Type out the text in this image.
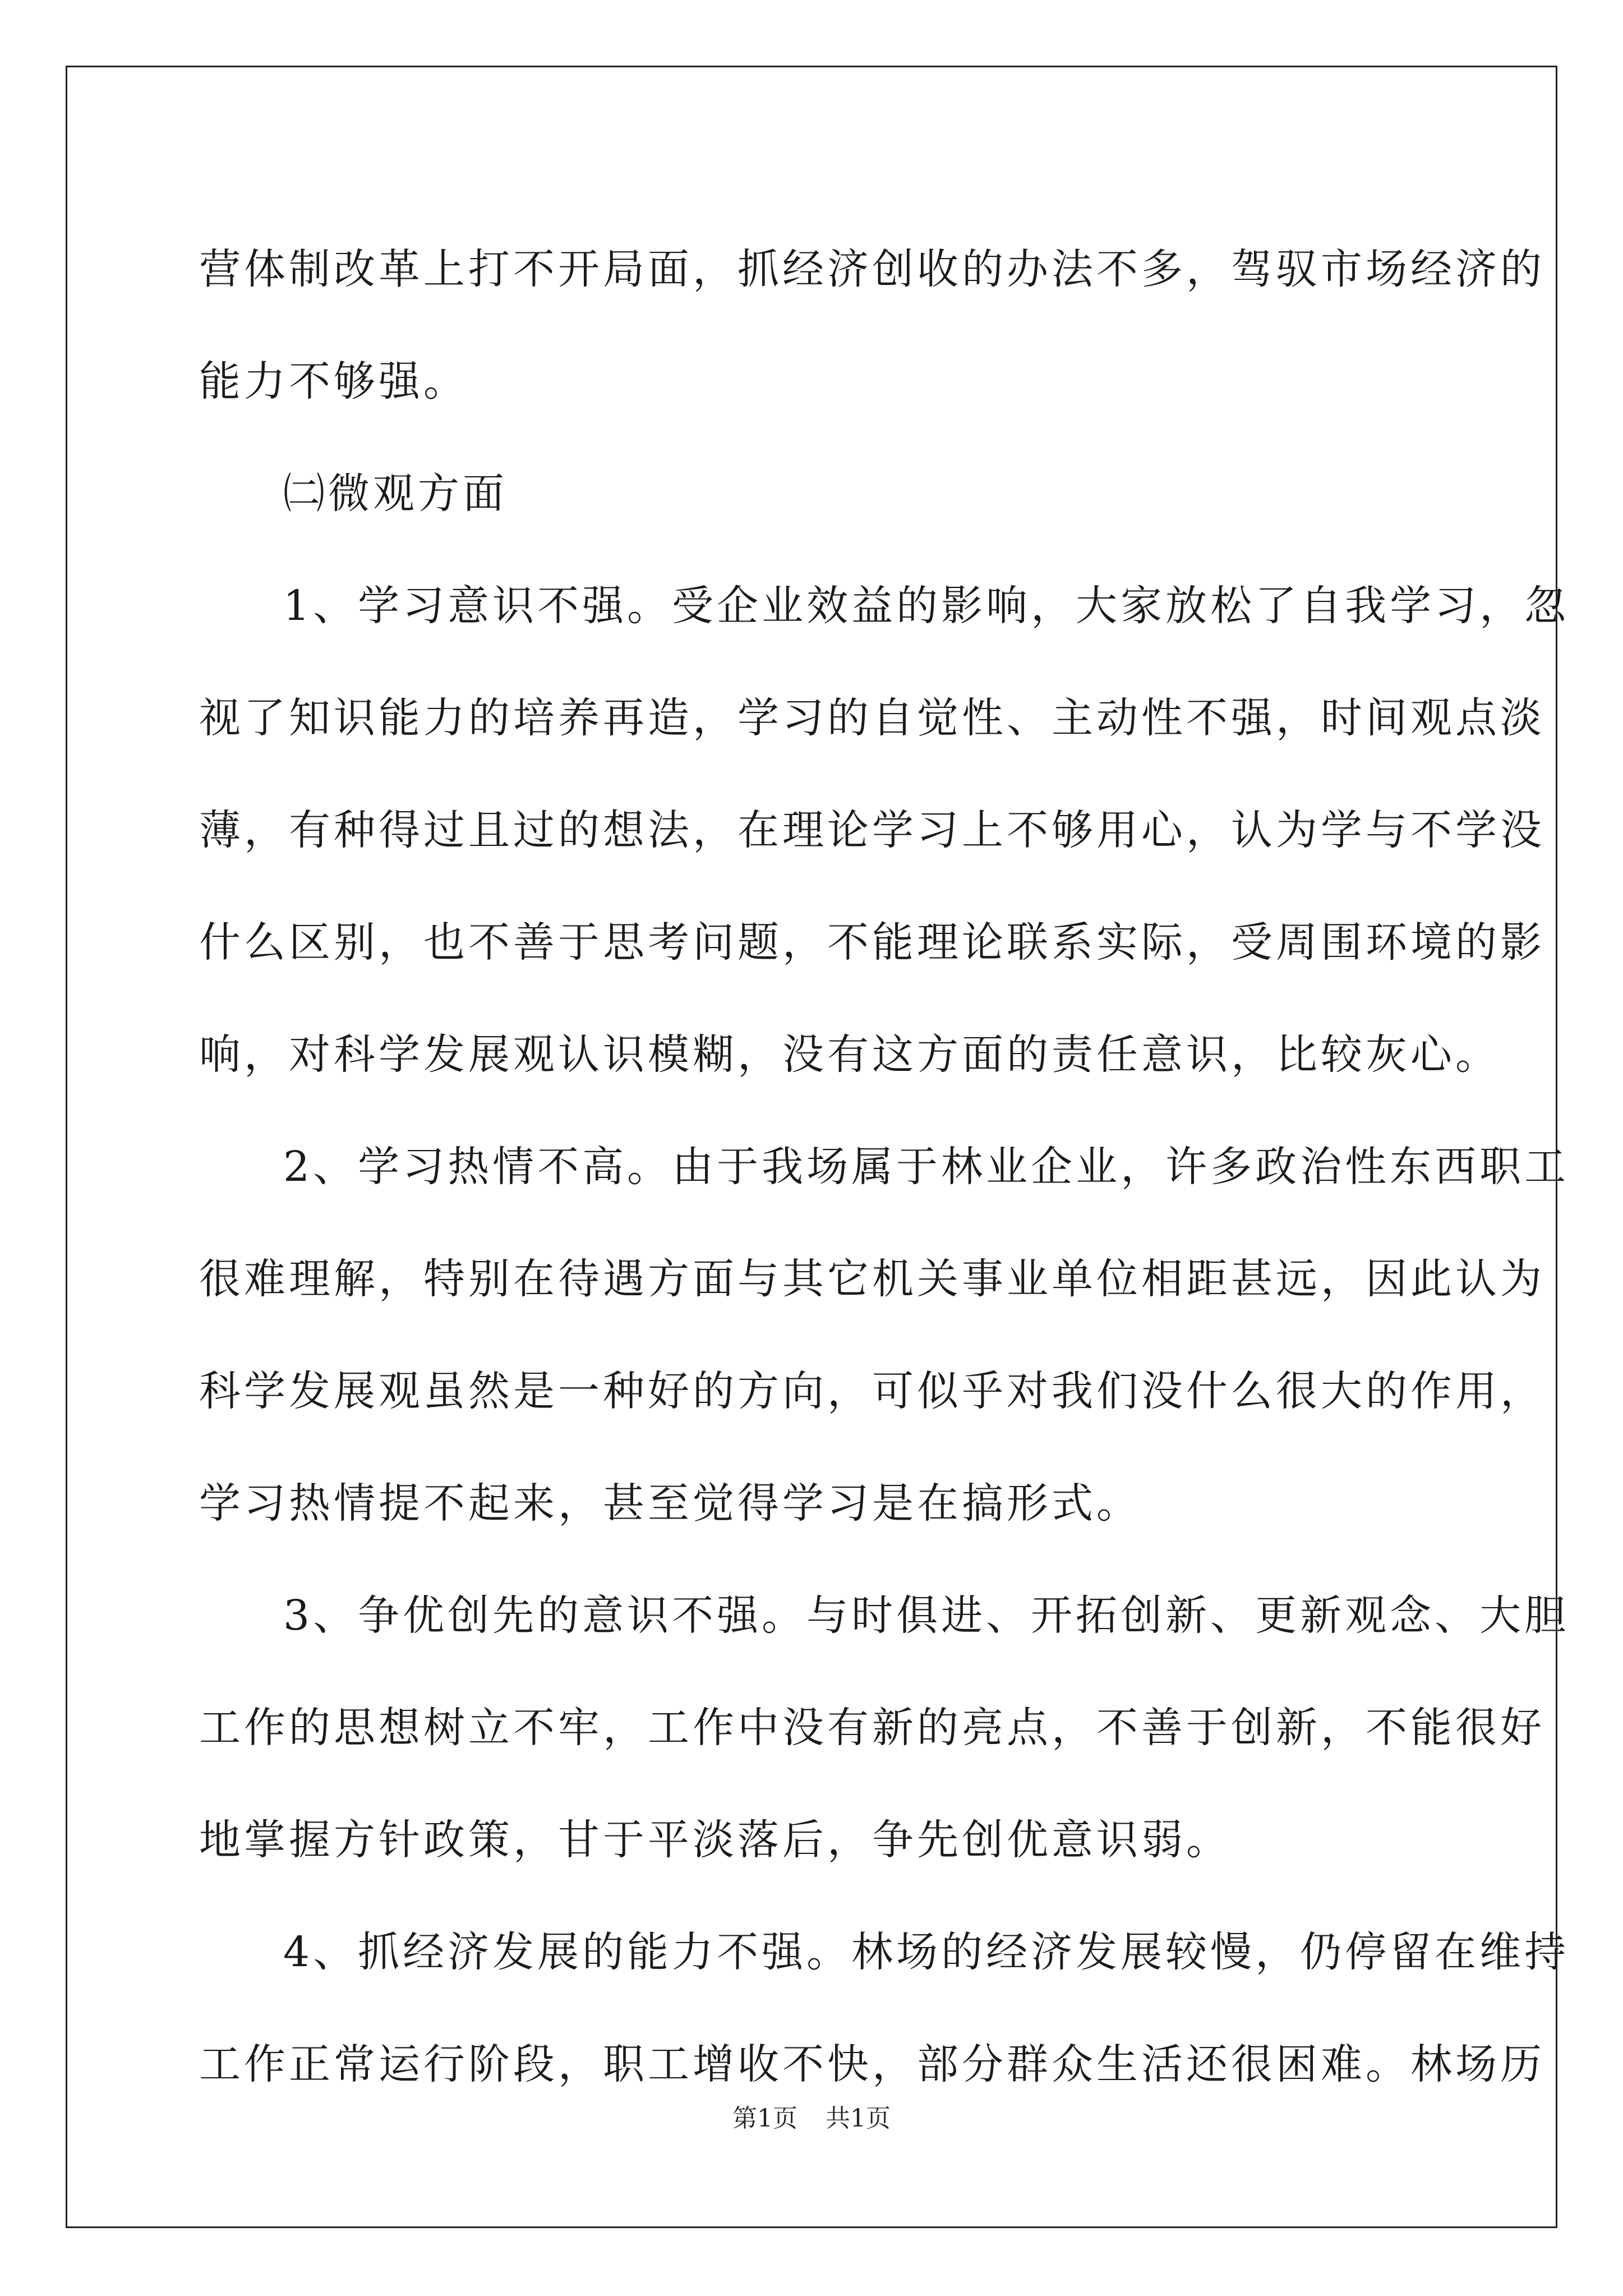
营体制改革上打不开局面，抓经济创收的办法不多，驾驭市场经济的
能力不够强。
㈡微观方面
1、学习意识不强。受企业效益的影响，大家放松了自我学习，忽
视了知识能力的培养再造，学习的自觉性、主动性不强，时间观点淡
薄，有种得过且过的想法，在理论学习上不够用心，认为学与不学没
什么区别，也不善于思考问题，不能理论联系实际，受周围环境的影
响，对科学发展观认识模糊，没有这方面的责任意识，比较灰心。
2、学习热情不高。由于我场属于林业企业，许多政治性东西职工
很难理解，特别在待遇方面与其它机关事业单位相距甚远，因此认为
科学发展观虽然是一种好的方向，可似乎对我们没什么很大的作用，
学习热情提不起来，甚至觉得学习是在搞形式。
3、争优创先的意识不强。与时俱进、开拓创新、更新观念、大胆
工作的思想树立不牢，工作中没有新的亮点，不善于创新，不能很好
地掌握方针政策，甘于平淡落后，争先创优意识弱。
4、抓经济发展的能力不强。林场的经济发展较慢，仍停留在维持
工作正常运行阶段，职工增收不快，部分群众生活还很困难。林场历
第1页 共1页
